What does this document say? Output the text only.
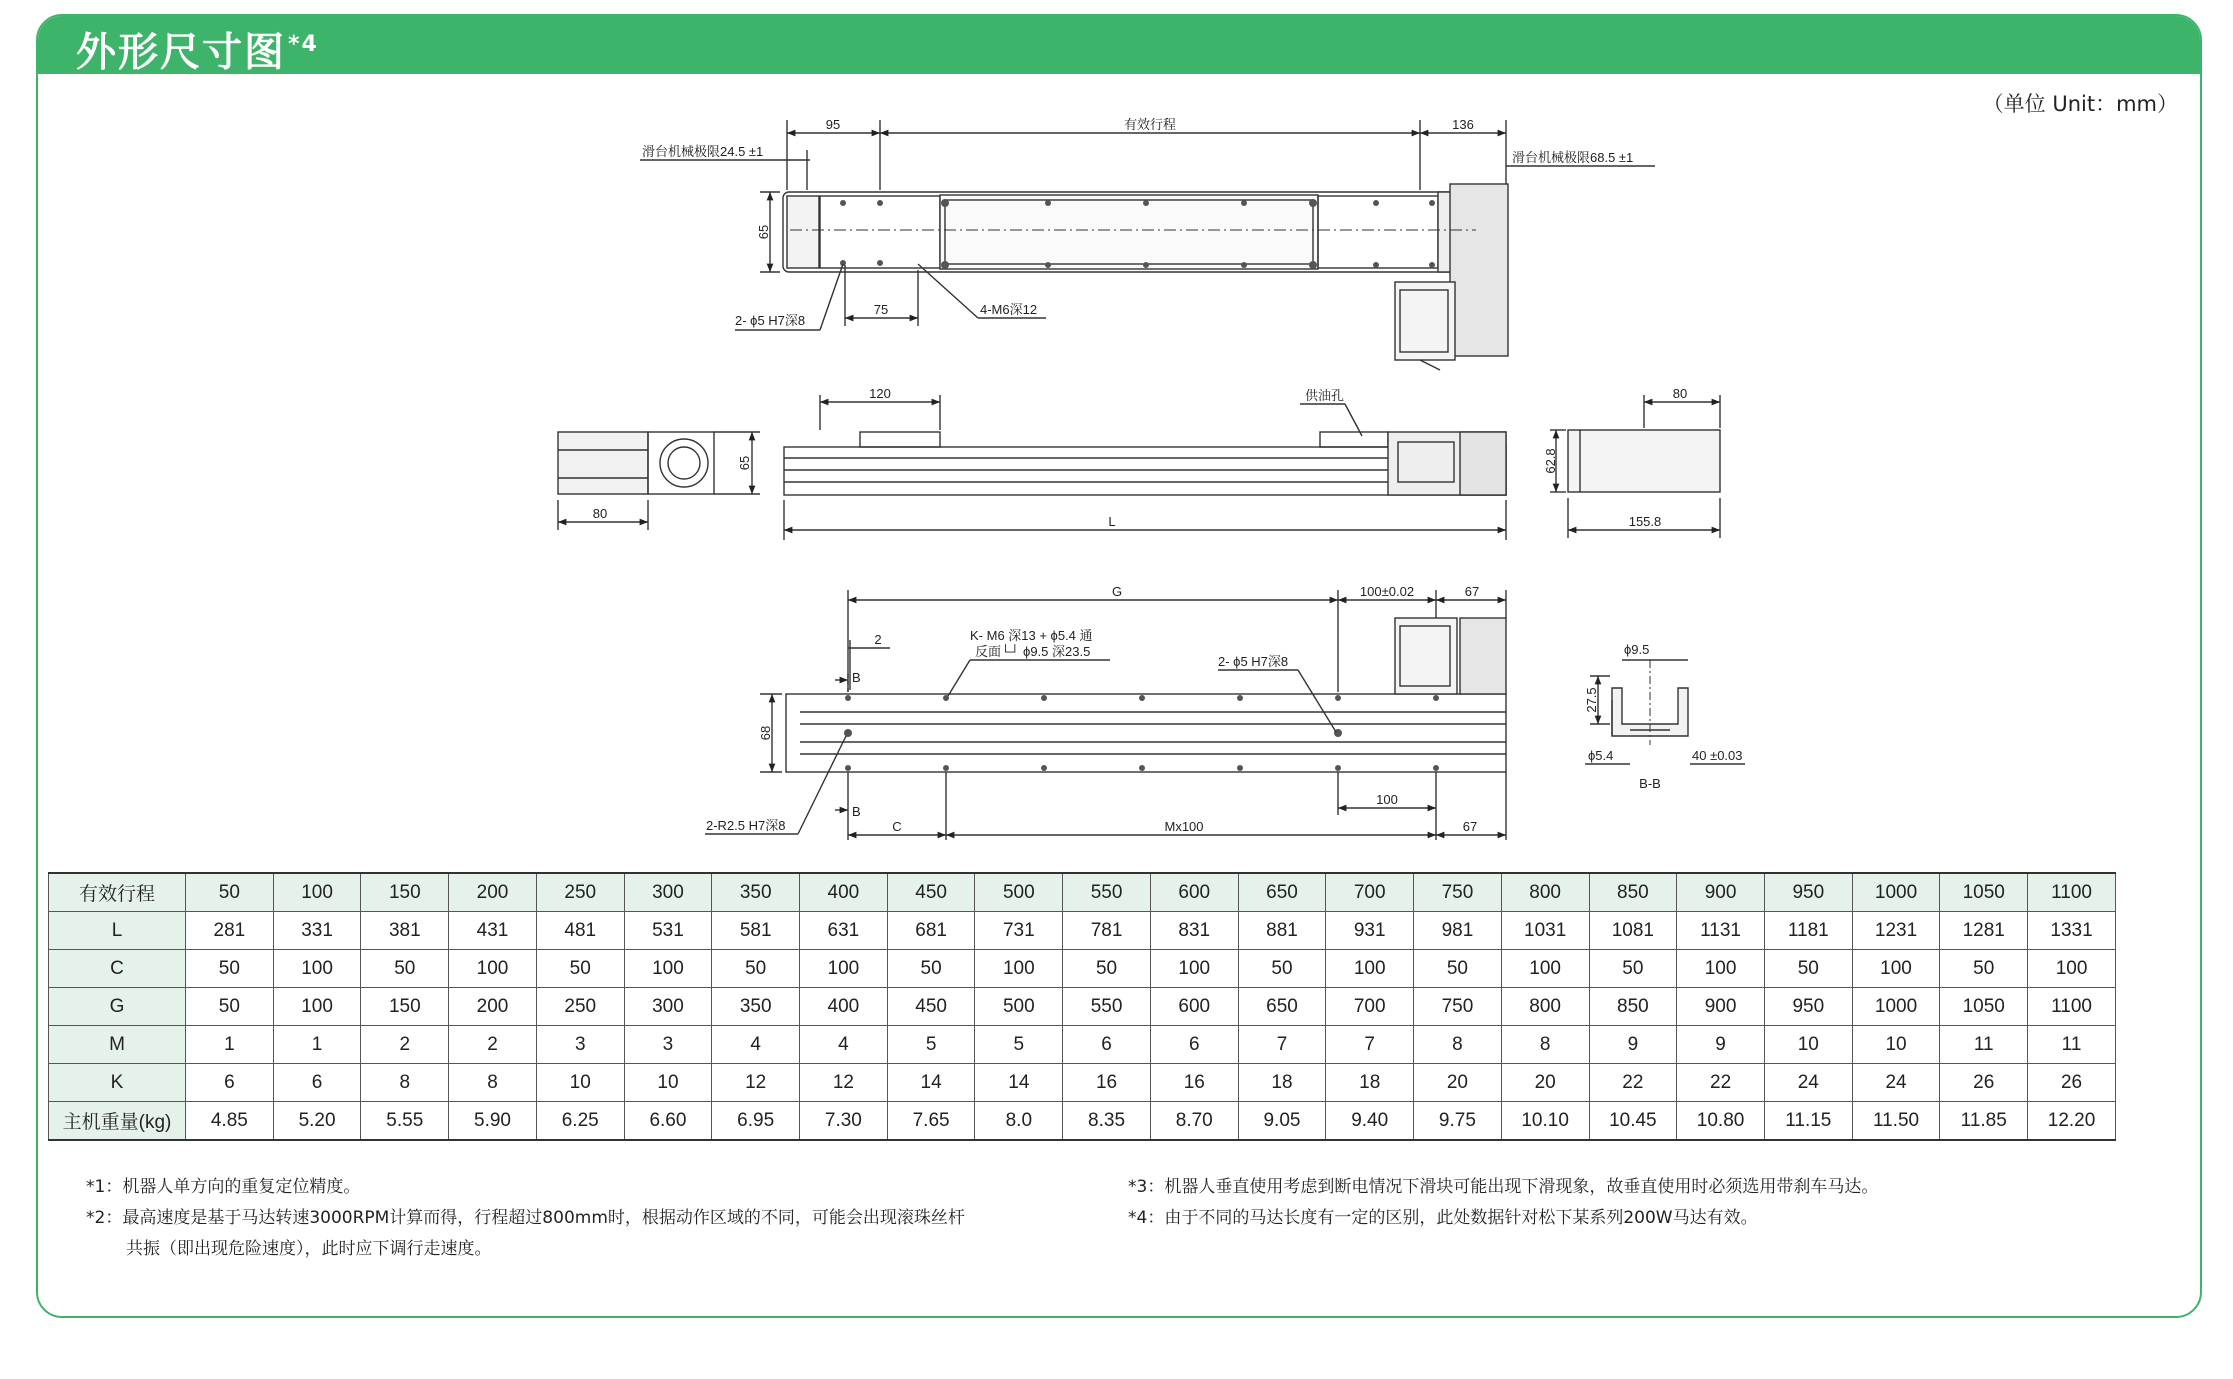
外形尺寸图$^{*4}$
（单位 Unit：mm）
95	有效行程	136
滑台机械极限24.5 ±1	滑台机械极限68.5 ±1
65
75
2- ϕ5 H7深8
4-M6深12
120	供油孔
65
80
L
80
62.8
155.8
G	100±0.02	67
2	K- M6 深13 + ϕ5.4 通
反面└┘ ϕ9.5 深23.5
2- ϕ5 H7深8
B
B
68
2-R2.5 H7深8	C	Mx100	67
100
ϕ9.5
27.5
ϕ5.4	40 ±0.03
B-B
有效行程	50	100	150	200	250	300	350	400	450	500	550	600	650	700	750	800	850	900	950	1000	1050	1100
L	281	331	381	431	481	531	581	631	681	731	781	831	881	931	981	1031	1081	1131	1181	1231	1281	1331
C	50	100	50	100	50	100	50	100	50	100	50	100	50	100	50	100	50	100	50	100	50	100
G	50	100	150	200	250	300	350	400	450	500	550	600	650	700	750	800	850	900	950	1000	1050	1100
M	1	1	2	2	3	3	4	4	5	5	6	6	7	7	8	8	9	9	10	10	11	11
K	6	6	8	8	10	10	12	12	14	14	16	16	18	18	20	20	22	22	24	24	26	26
主机重量(kg)	4.85	5.20	5.55	5.90	6.25	6.60	6.95	7.30	7.65	8.0	8.35	8.70	9.05	9.40	9.75	10.10	10.45	10.80	11.15	11.50	11.85	12.20
*1：机器人单方向的重复定位精度。
*2：最高速度是基于马达转速3000RPM计算而得，行程超过800mm时，根据动作区域的不同，可能会出现滚珠丝杆
共振（即出现危险速度），此时应下调行走速度。
*3：机器人垂直使用考虑到断电情况下滑块可能出现下滑现象，故垂直使用时必须选用带刹车马达。
*4：由于不同的马达长度有一定的区别，此处数据针对松下某系列200W马达有效。
